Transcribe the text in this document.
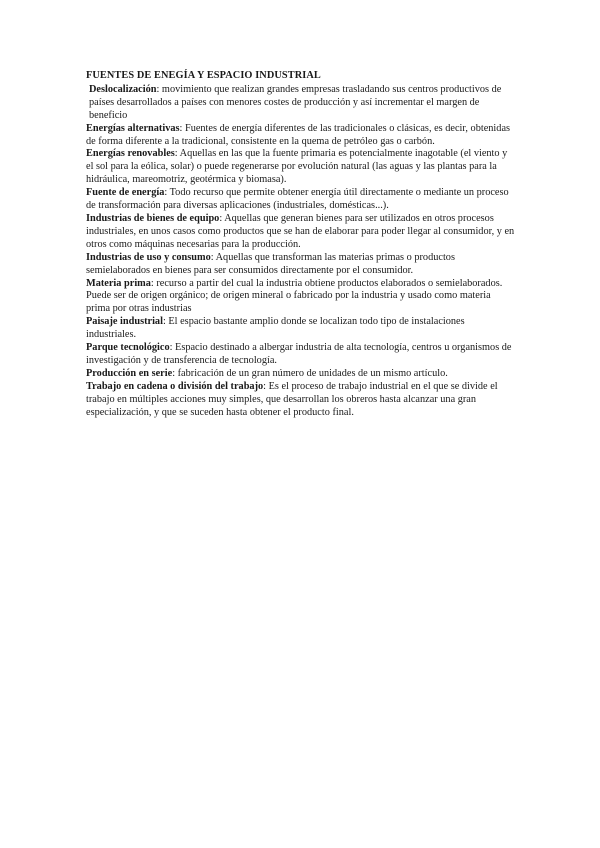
FUENTES DE ENEGÍA Y ESPACIO INDUSTRIAL

Deslocalización: movimiento que realizan grandes empresas trasladando sus centros productivos de países desarrollados a países con menores costes de producción y así incrementar el margen de beneficio

Energías alternativas: Fuentes de energía diferentes de las tradicionales o clásicas, es decir, obtenidas de forma diferente a la tradicional, consistente en la quema de petróleo gas o carbón.

Energías renovables: Aquellas en las que la fuente primaria es potencialmente inagotable (el viento y el sol para la eólica, solar) o puede regenerarse por evolución natural (las aguas y las plantas para la hidráulica, mareomotriz, geotérmica y biomasa).

Fuente de energía: Todo recurso que permite obtener energía útil directamente o mediante un proceso de transformación para diversas aplicaciones (industriales, domésticas...).

Industrias de bienes de equipo: Aquellas que generan bienes para ser utilizados en otros procesos industriales, en unos casos como productos que se han de elaborar para poder llegar al consumidor, y en otros como máquinas necesarias para la producción.

Industrias de uso y consumo: Aquellas que transforman las materias primas o productos semielaborados en bienes para ser consumidos directamente por el consumidor.

Materia prima: recurso a partir del cual la industria obtiene productos elaborados o semielaborados. Puede ser de origen orgánico; de origen mineral o fabricado por la industria y usado como materia prima por otras industrias

Paisaje industrial: El espacio bastante amplio donde se localizan todo tipo de instalaciones industriales.

Parque tecnológico: Espacio destinado a albergar industria de alta tecnología, centros u organismos de investigación y de transferencia de tecnología.

Producción en serie: fabricación de un gran número de unidades de un mismo artículo.

Trabajo en cadena o división del trabajo: Es el proceso de trabajo industrial en el que se divide el trabajo en múltiples acciones muy simples, que desarrollan los obreros hasta alcanzar una gran especialización, y que se suceden hasta obtener el producto final.
